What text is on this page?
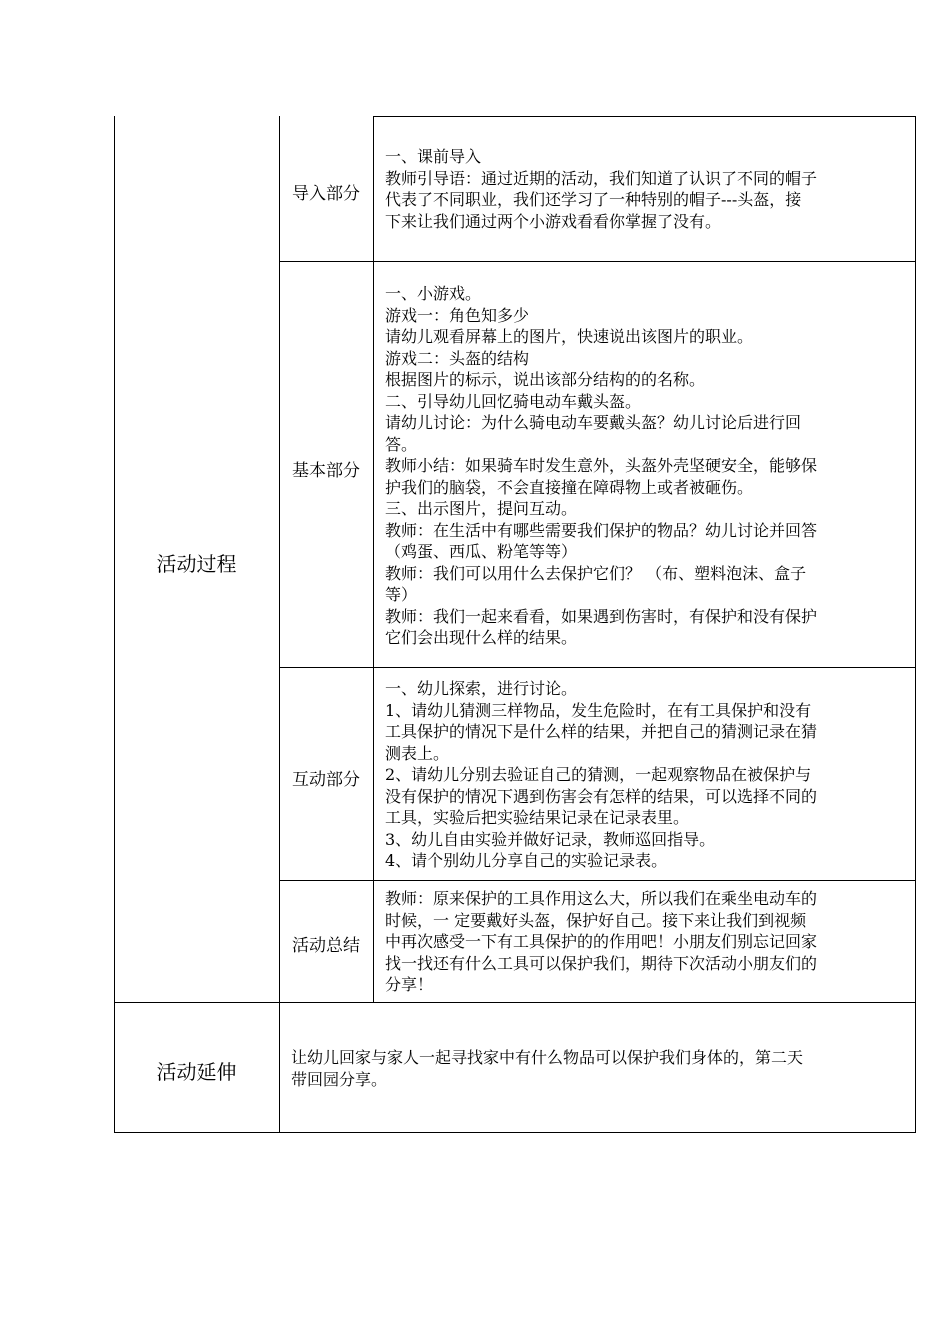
活动过程
活动延伸
导入部分
基本部分
互动部分
活动总结
一、课前导入
教师引导语：通过近期的活动，我们知道了认识了不同的帽子
代表了不同职业，我们还学习了一种特别的帽子---头盔，接
下来让我们通过两个小游戏看看你掌握了没有。
一、小游戏。
游戏一：角色知多少
请幼儿观看屏幕上的图片，快速说出该图片的职业。
游戏二：头盔的结构
根据图片的标示，说出该部分结构的的名称。
二、引导幼儿回忆骑电动车戴头盔。
请幼儿讨论：为什么骑电动车要戴头盔？幼儿讨论后进行回
答。
教师小结：如果骑车时发生意外，头盔外壳坚硬安全，能够保
护我们的脑袋，不会直接撞在障碍物上或者被砸伤。
三、出示图片，提问互动。
教师：在生活中有哪些需要我们保护的物品？幼儿讨论并回答
（鸡蛋、西瓜、粉笔等等）
教师：我们可以用什么去保护它们？ （布、塑料泡沫、盒子
等）
教师：我们一起来看看，如果遇到伤害时，有保护和没有保护
它们会出现什么样的结果。
一、幼儿探索，进行讨论。
1、请幼儿猜测三样物品，发生危险时，在有工具保护和没有
工具保护的情况下是什么样的结果，并把自己的猜测记录在猜
测表上。
2、请幼儿分别去验证自己的猜测，一起观察物品在被保护与
没有保护的情况下遇到伤害会有怎样的结果，可以选择不同的
工具，实验后把实验结果记录在记录表里。
3、幼儿自由实验并做好记录，教师巡回指导。
4、请个别幼儿分享自己的实验记录表。
教师：原来保护的工具作用这么大，所以我们在乘坐电动车的
时候，一 定要戴好头盔，保护好自己。接下来让我们到视频
中再次感受一下有工具保护的的作用吧！小朋友们别忘记回家
找一找还有什么工具可以保护我们，期待下次活动小朋友们的
分享！
让幼儿回家与家人一起寻找家中有什么物品可以保护我们身体的，第二天
带回园分享。
